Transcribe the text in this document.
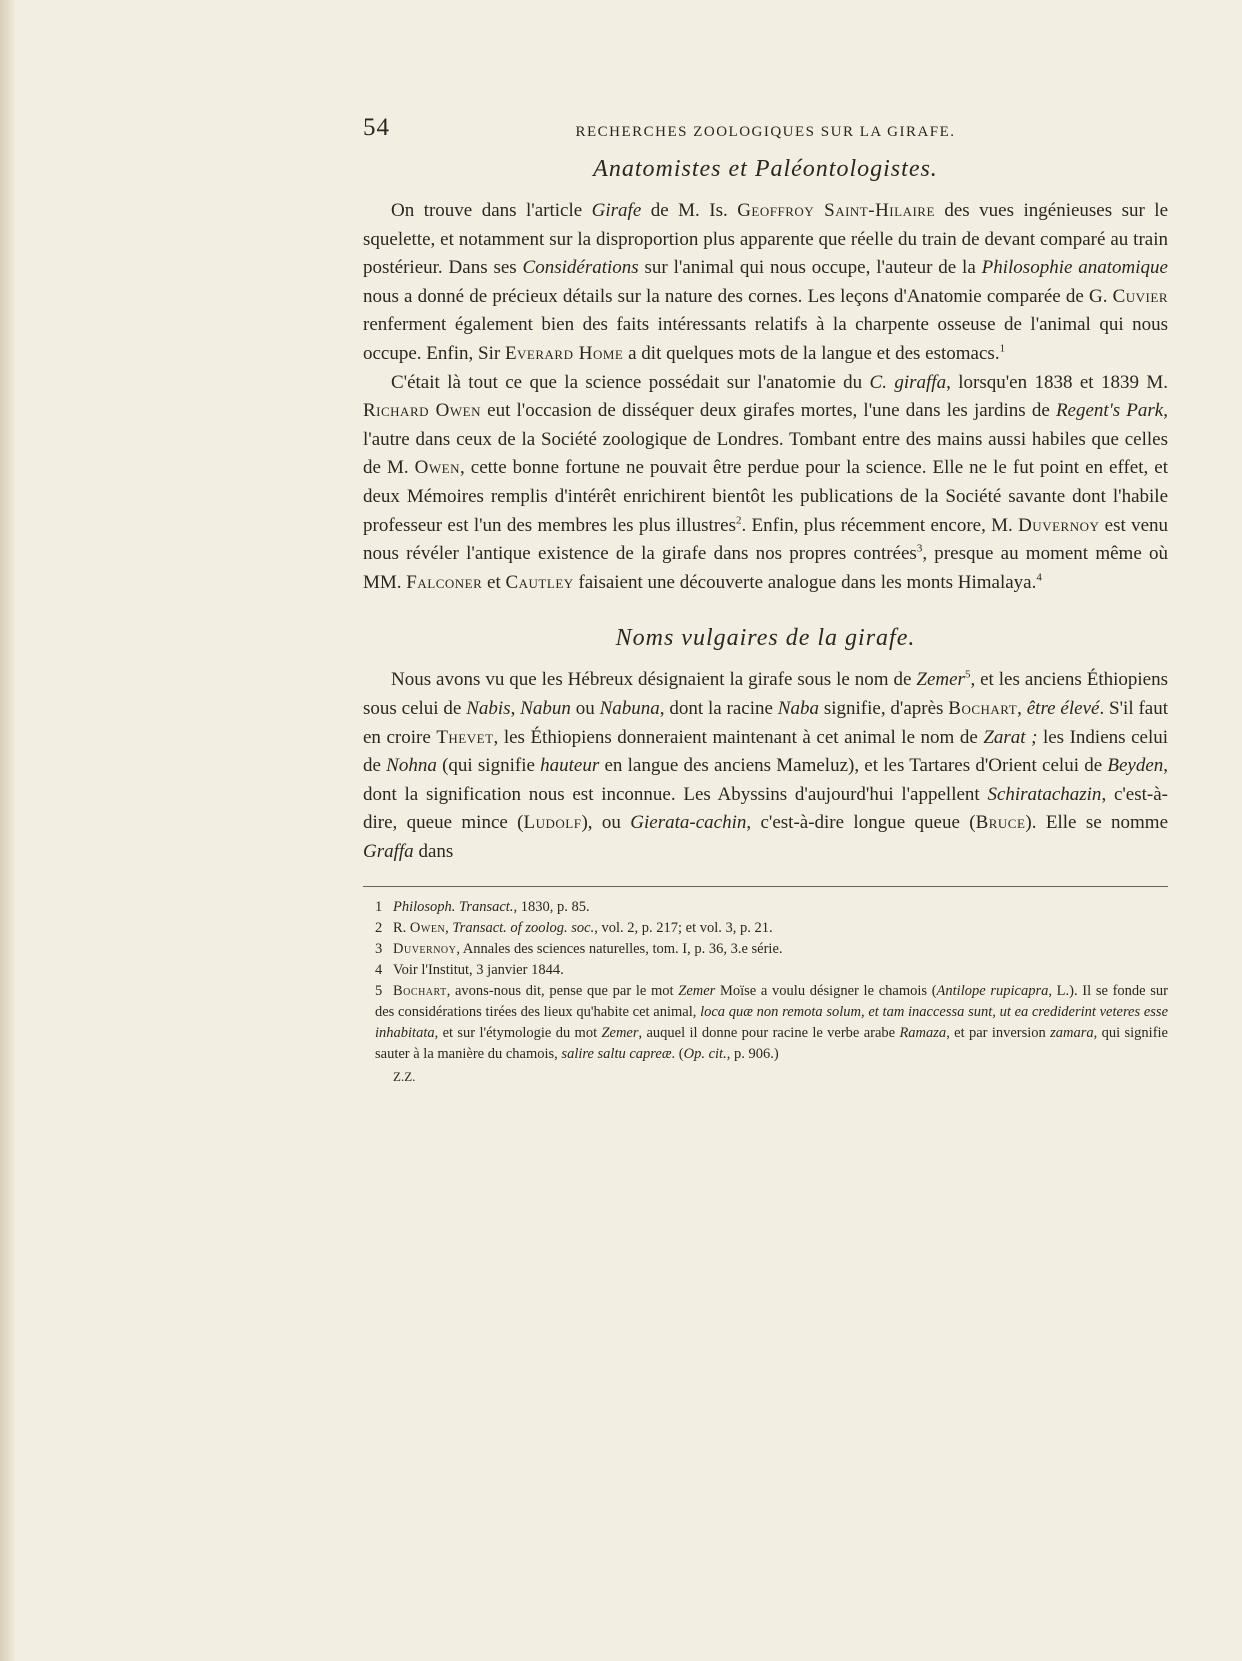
54	RECHERCHES ZOOLOGIQUES SUR LA GIRAFE.
Anatomistes et Paléontologistes.

On trouve dans l'article Girafe de M. Is. Geoffroy Saint-Hilaire des vues ingénieuses sur le squelette, et notamment sur la disproportion plus apparente que réelle du train de devant comparé au train postérieur. Dans ses Considérations sur l'animal qui nous occupe, l'auteur de la Philosophie anatomique nous a donné de précieux détails sur la nature des cornes. Les leçons d'Anatomie comparée de G. Cuvier renferment également bien des faits intéressants relatifs à la charpente osseuse de l'animal qui nous occupe. Enfin, Sir Everard Home a dit quelques mots de la langue et des estomacs.$^1$

C'était là tout ce que la science possédait sur l'anatomie du C. giraffa, lorsqu'en 1838 et 1839 M. Richard Owen eut l'occasion de disséquer deux girafes mortes, l'une dans les jardins de Regent's Park, l'autre dans ceux de la Société zoologique de Londres. Tombant entre des mains aussi habiles que celles de M. Owen, cette bonne fortune ne pouvait être perdue pour la science. Elle ne le fut point en effet, et deux Mémoires remplis d'intérêt enrichirent bientôt les publications de la Société savante dont l'habile professeur est l'un des membres les plus illustres$^2$. Enfin, plus récemment encore, M. Duvernoy est venu nous révéler l'antique existence de la girafe dans nos propres contrées$^3$, presque au moment même où MM. Falconer et Cautley faisaient une découverte analogue dans les monts Himalaya.$^4$

Noms vulgaires de la girafe.

Nous avons vu que les Hébreux désignaient la girafe sous le nom de Zemer$^5$, et les anciens Éthiopiens sous celui de Nabis, Nabun ou Nabuna, dont la racine Naba signifie, d'après Bochart, être élevé. S'il faut en croire Thevet, les Éthiopiens donneraient maintenant à cet animal le nom de Zarat ; les Indiens celui de Nohna (qui signifie hauteur en langue des anciens Mameluz), et les Tartares d'Orient celui de Beyden, dont la signification nous est inconnue. Les Abyssins d'aujourd'hui l'appellent Schiratachazin, c'est-à-dire, queue mince (Ludolf), ou Gierata-cachin, c'est-à-dire longue queue (Bruce). Elle se nomme Graffa dans

1 Philosoph. Transact., 1830, p. 85.

2 R. Owen, Transact. of zoolog. soc., vol. 2, p. 217; et vol. 3, p. 21.

3 Duvernoy, Annales des sciences naturelles, tom. I, p. 36, 3.e série.

4 Voir l'Institut, 3 janvier 1844.

5 Bochart, avons-nous dit, pense que par le mot Zemer Moïse a voulu désigner le chamois (Antilope rupicapra, L.). Il se fonde sur des considérations tirées des lieux qu'habite cet animal, loca quæ non remota solum, et tam inaccessa sunt, ut ea crediderint veteres esse inhabitata, et sur l'étymologie du mot Zemer, auquel il donne pour racine le verbe arabe Ramaza, et par inversion zamara, qui signifie sauter à la manière du chamois, salire saltu capreæ. (Op. cit., p. 906.)

Z.Z.
